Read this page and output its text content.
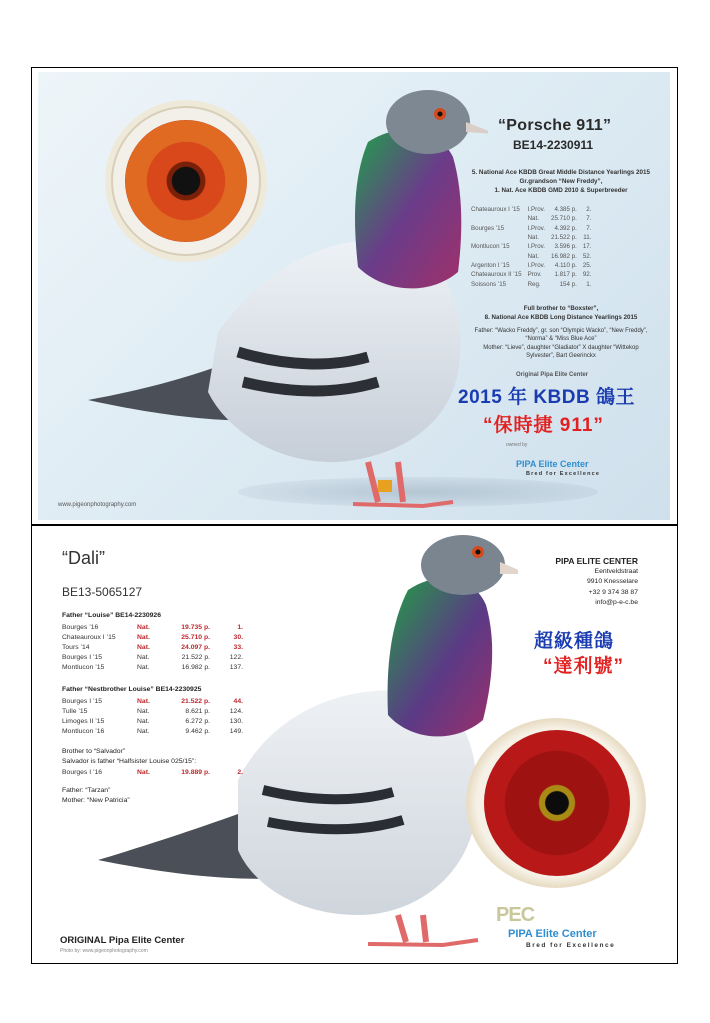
“Porsche 911”
BE14-2230911
5. National Ace KBDB Great Middle Distance Yearlings 2015
Gr.grandson “New Freddy”,
1. Nat. Ace KBDB GMD 2010 & Superbreeder
Chateauroux I ’15	I.Prov.	4.385 p.	2.
	Nat.	25.710 p.	7.
Bourges ’15	I.Prov.	4.392 p.	7.
	Nat.	21.522 p.	11.
Montlucon ’15	I.Prov.	3.596 p.	17.
	Nat.	16.982 p.	52.
Argenton I ’15	I.Prov.	4.110 p.	25.
Chateauroux II ’15	Prov.	1.817 p.	92.
Soissons ’15	Reg.	154 p.	1.
Full brother to “Boxster”,
8. National Ace KBDB Long Distance Yearlings 2015
Father: “Wacko Freddy”, gr. son “Olympic Wacko”, “New Freddy”,
“Norma” & “Miss Blue Ace”
Mother: “Lieve”, daughter “Gladiator” X daughter “Wittekop
Sylvester”, Bart Geerinckx
Original Pipa Elite Center
2015 年 KBDB 鴿王
“保時捷 911”
owned by
PIPA Elite Center
Bred for Excellence
www.pigeonphotography.com
“Dali”
BE13-5065127
Father “Louise” BE14-2230926
Bourges ’16	Nat.	19.735 p.	1.
Chateauroux I ’15	Nat.	25.710 p.	30.
Tours ’14	Nat.	24.097 p.	33.
Bourges I ’15	Nat.	21.522 p.	122.
Montlucon ’15	Nat.	16.982 p.	137.
Father “Nestbrother Louise” BE14-2230925
Bourges I ’15	Nat.	21.522 p.	44.
Tulle ’15	Nat.	8.621 p.	124.
Limoges II ’15	Nat.	6.272 p.	130.
Montlucon ’16	Nat.	9.462 p.	149.
Brother to “Salvador”
Salvador is father “Halfsister Louise 025/15”:
Bourges I ’16	Nat.	19.889 p.	2.
Father: “Tarzan”
Mother: “New Patricia”
PIPA ELITE CENTER
Eentveldstraat
9910 Knesselare
+32 9 374 38 87
info@p-e-c.be
超級種鴿
“達利號”
PEC
PIPA Elite Center
Bred for Excellence
ORIGINAL Pipa Elite Center
Photo by: www.pigeonphotography.com
